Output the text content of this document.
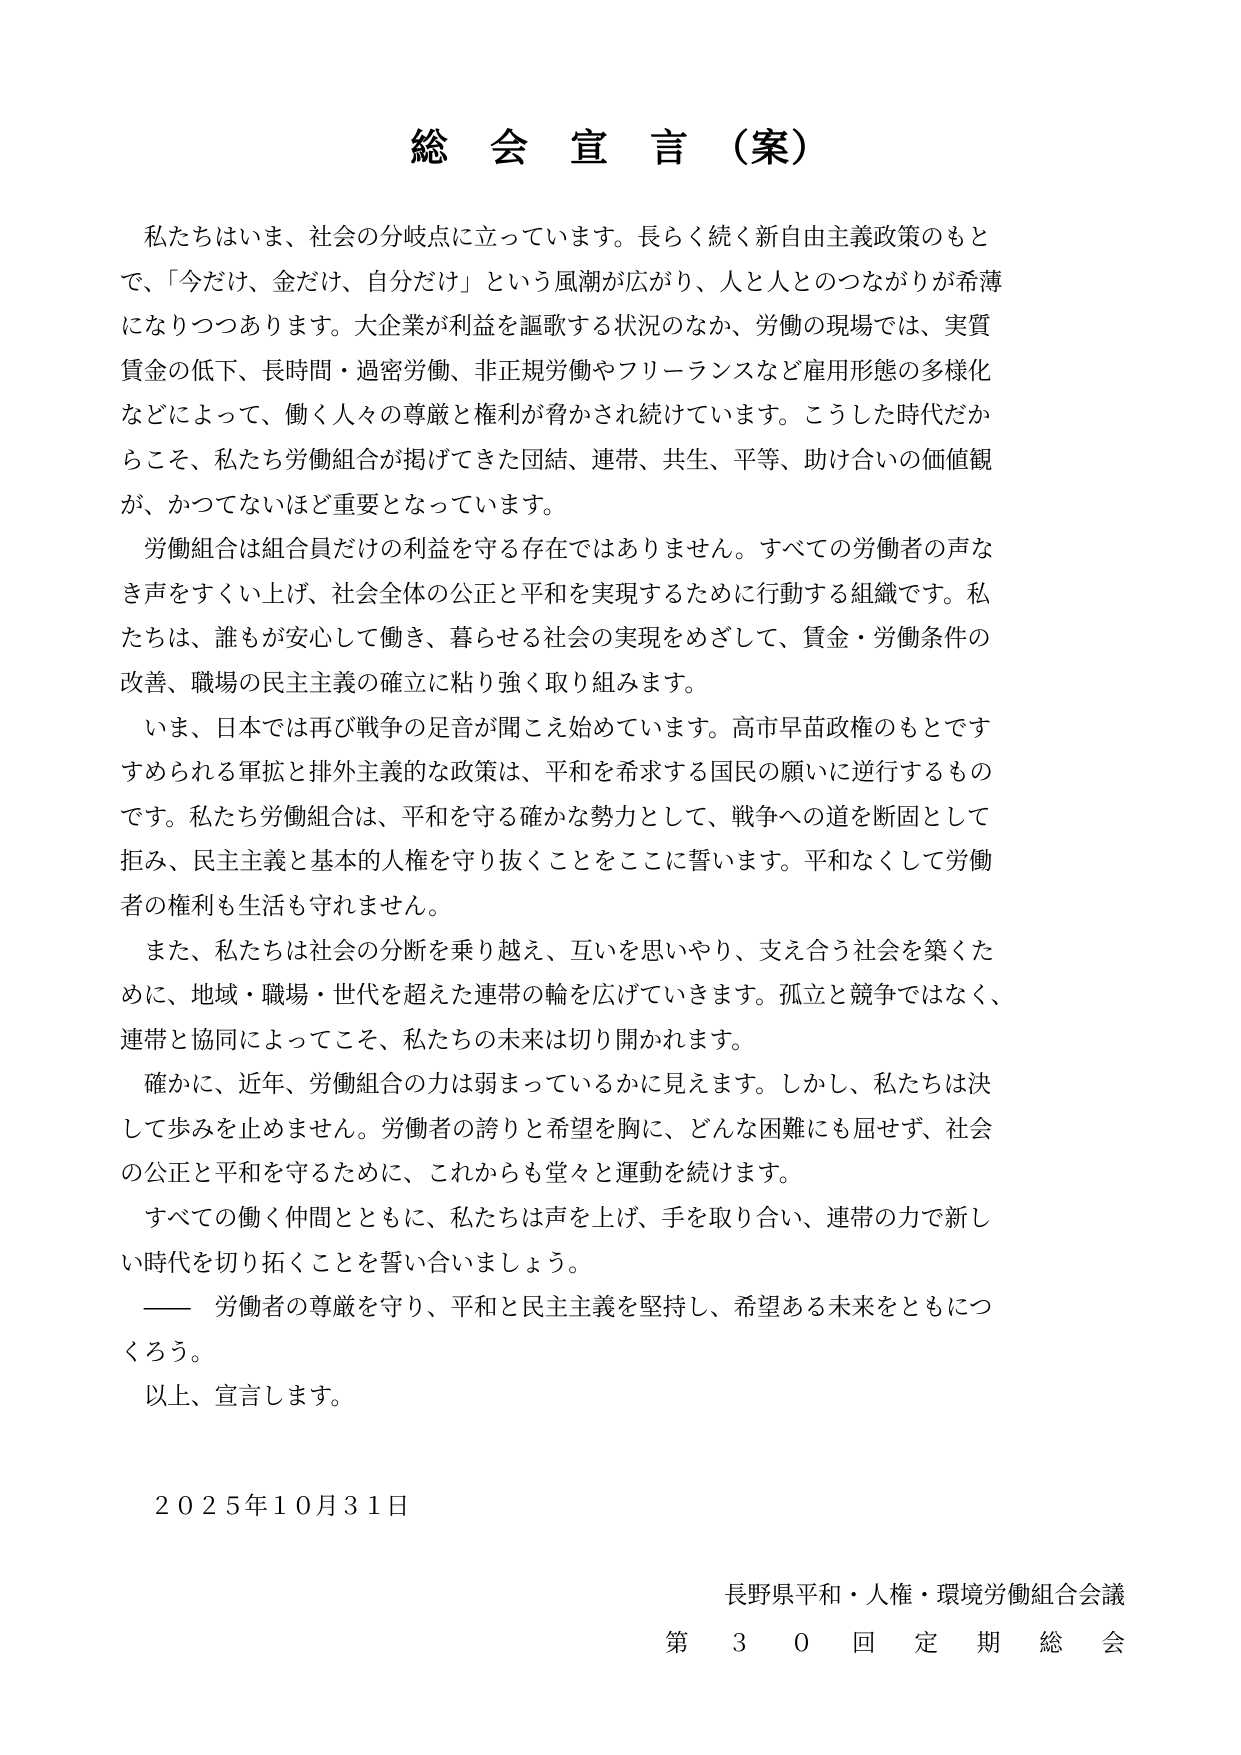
総　会　宣　言　（案）
　私たちはいま、社会の分岐点に立っています。長らく続く新自由主義政策のもと
で、「今だけ、金だけ、自分だけ」という風潮が広がり、人と人とのつながりが希薄
になりつつあります。大企業が利益を謳歌する状況のなか、労働の現場では、実質
賃金の低下、長時間・過密労働、非正規労働やフリーランスなど雇用形態の多様化
などによって、働く人々の尊厳と権利が脅かされ続けています。こうした時代だか
らこそ、私たち労働組合が掲げてきた団結、連帯、共生、平等、助け合いの価値観
が、かつてないほど重要となっています。
　労働組合は組合員だけの利益を守る存在ではありません。すべての労働者の声な
き声をすくい上げ、社会全体の公正と平和を実現するために行動する組織です。私
たちは、誰もが安心して働き、暮らせる社会の実現をめざして、賃金・労働条件の
改善、職場の民主主義の確立に粘り強く取り組みます。
　いま、日本では再び戦争の足音が聞こえ始めています。高市早苗政権のもとです
すめられる軍拡と排外主義的な政策は、平和を希求する国民の願いに逆行するもの
です。私たち労働組合は、平和を守る確かな勢力として、戦争への道を断固として
拒み、民主主義と基本的人権を守り抜くことをここに誓います。平和なくして労働
者の権利も生活も守れません。
　また、私たちは社会の分断を乗り越え、互いを思いやり、支え合う社会を築くた
めに、地域・職場・世代を超えた連帯の輪を広げていきます。孤立と競争ではなく、
連帯と協同によってこそ、私たちの未来は切り開かれます。
　確かに、近年、労働組合の力は弱まっているかに見えます。しかし、私たちは決
して歩みを止めません。労働者の誇りと希望を胸に、どんな困難にも屈せず、社会
の公正と平和を守るために、これからも堂々と運動を続けます。
　すべての働く仲間とともに、私たちは声を上げ、手を取り合い、連帯の力で新し
い時代を切り拓くことを誓い合いましょう。
　――　労働者の尊厳を守り、平和と民主主義を堅持し、希望ある未来をともにつ
くろう。
　以上、宣言します。
２０２５年１０月３１日
長野県平和・人権・環境労働組合会議
第 ３ ０ 回 定 期 総 会
